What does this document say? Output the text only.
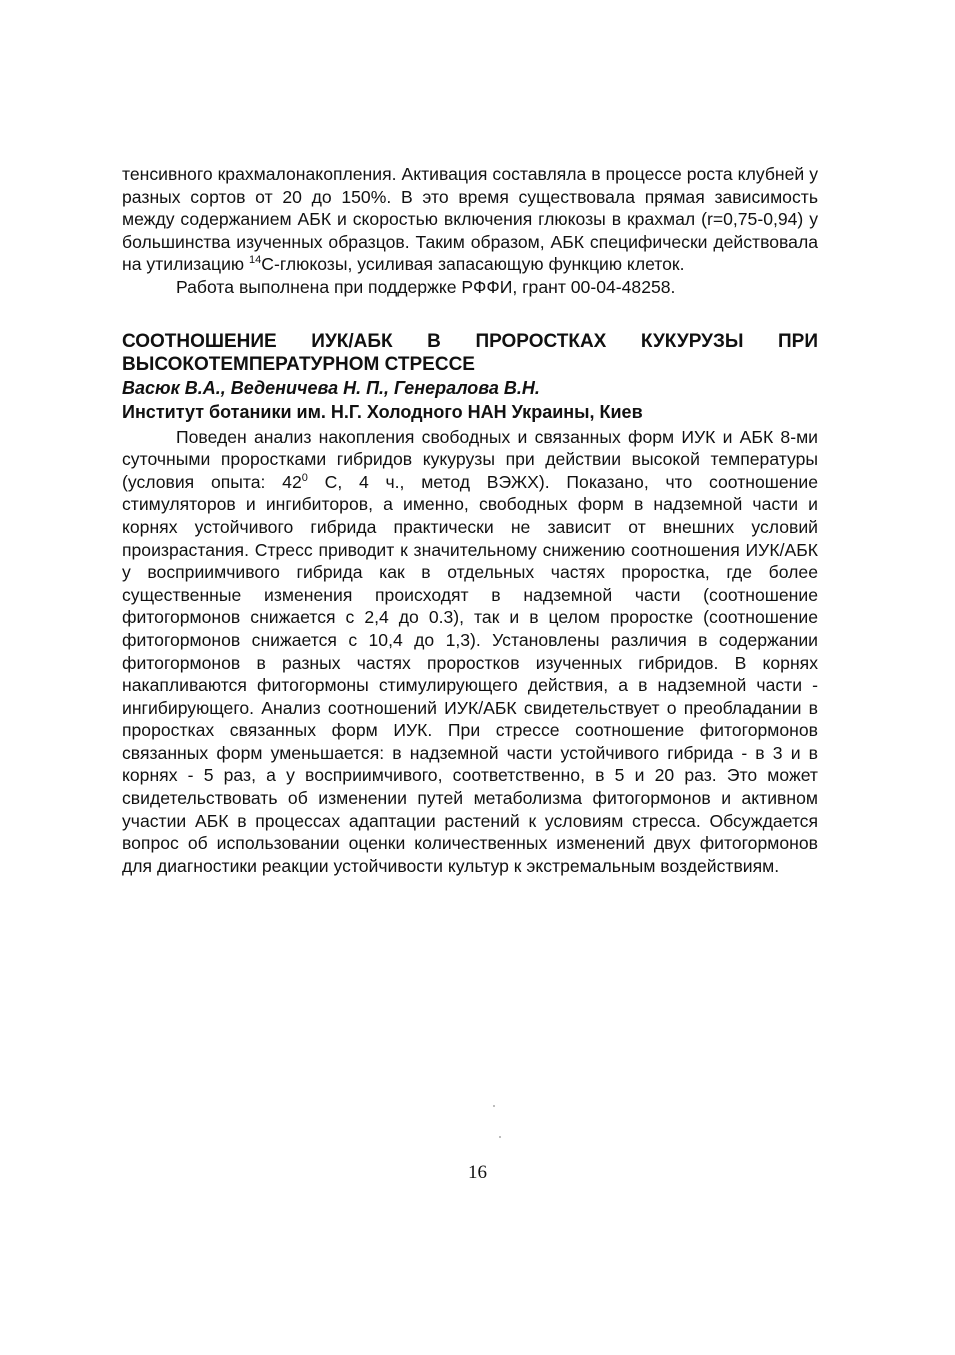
тенсивного крахмалонакопления. Активация составляла в процессе роста клубней у разных сортов от 20 до 150%. В это время существовала прямая зависимость между содержанием АБК и скоростью включения глюкозы в крахмал (r=0,75-0,94) у большинства изученных образцов. Таким образом, АБК специфически действовала на утилизацию $^{14}$С-глюкозы, усиливая запасающую функцию клеток.

Работа выполнена при поддержке РФФИ, грант 00-04-48258.

СООТНОШЕНИЕ ИУК/АБК В ПРОРОСТКАХ КУКУРУЗЫ ПРИ ВЫСОКОТЕМПЕРАТУРНОМ СТРЕССЕ

Васюк В.А., Веденичева Н. П., Генералова В.Н.

Институт ботаники им. Н.Г. Холодного НАН Украины, Киев

Поведен анализ накопления свободных и связанных форм ИУК и АБК 8-ми суточными проростками гибридов кукурузы при действии высокой температуры (условия опыта: $42^0$ С, 4 ч., метод ВЭЖХ). Показано, что соотношение стимуляторов и ингибиторов, а именно, свободных форм в надземной части и корнях устойчивого гибрида практически не зависит от внешних условий произрастания. Стресс приводит к значительному снижению соотношения ИУК/АБК у восприимчивого гибрида как в отдельных частях проростка, где более существенные изменения происходят в надземной части (соотношение фитогормонов снижается с 2,4 до 0.3), так и в целом проростке (соотношение фитогормонов снижается с 10,4 до 1,3). Установлены различия в содержании фитогормонов в разных частях проростков изученных гибридов. В корнях накапливаются фитогормоны стимулирующего действия, а в надземной части - ингибирующего. Анализ соотношений ИУК/АБК свидетельствует о преобладании в проростках связанных форм ИУК. При стрессе соотношение фитогормонов связанных форм уменьшается: в надземной части устойчивого гибрида - в 3 и в корнях - 5 раз, а у восприимчивого, соответственно, в 5 и 20 раз. Это может свидетельствовать об изменении путей метаболизма фитогормонов и активном участии АБК в процессах адаптации растений к условиям стресса. Обсуждается вопрос об использовании оценки количественных изменений двух фитогормонов для диагностики реакции устойчивости культур к экстремальным воздействиям.

16
